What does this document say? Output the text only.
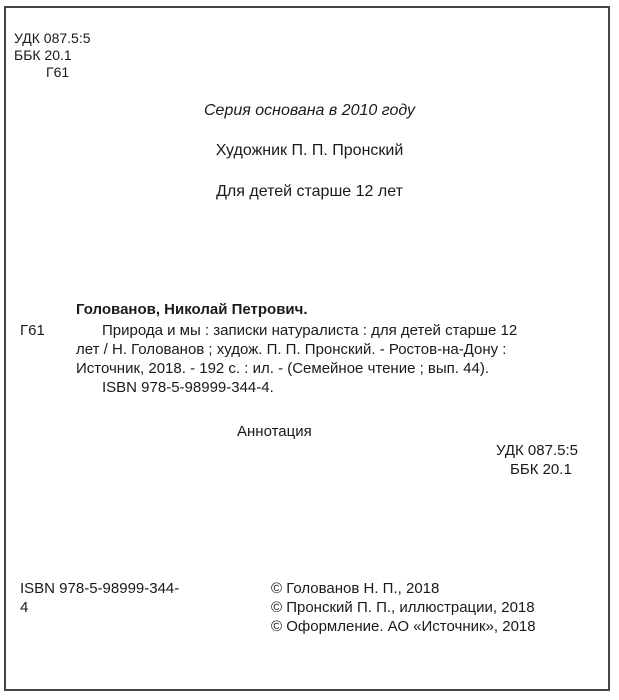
УДК 087.5:5
ББК 20.1
Г61
Серия основана в 2010 году
Художник П. П. Пронский
Для детей старше 12 лет
Голованов, Николай Петрович.
Г61	Природа и мы : записки натуралиста : для детей старше 12
лет / Н. Голованов ; худож. П. П. Пронский. - Ростов-на-Дону :
Источник, 2018. - 192 с. : ил. - (Семейное чтение ; вып. 44).
ISBN 978-5-98999-344-4.
Аннотация
УДК 087.5:5
ББК 20.1
ISBN 978-5-98999-344-
4
© Голованов Н. П., 2018
© Пронский П. П., иллюстрации, 2018
© Оформление. АО «Источник», 2018
